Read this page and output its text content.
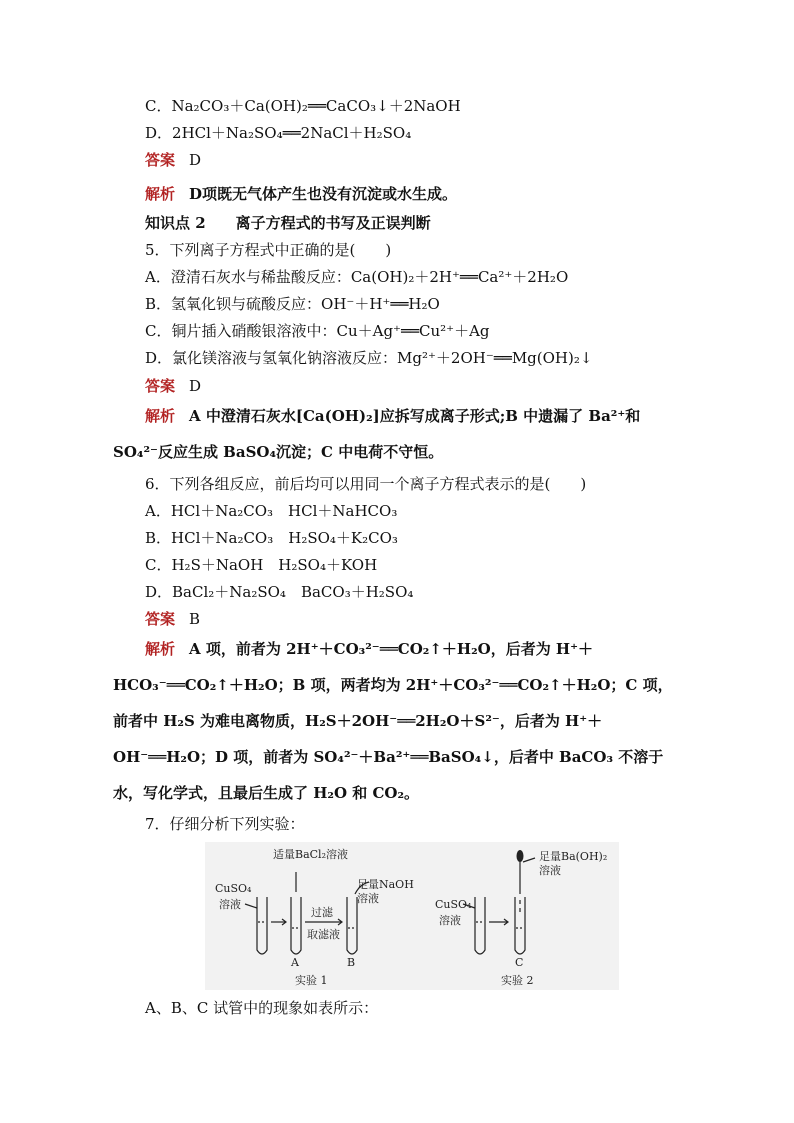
C．Na₂CO₃＋Ca(OH)₂══CaCO₃↓＋2NaOH
D．2HCl＋Na₂SO₄══2NaCl＋H₂SO₄
答案 D
解析 D项既无气体产生也没有沉淀或水生成。
知识点 2　　离子方程式的书写及正误判断
5．下列离子方程式中正确的是(　　)
A．澄清石灰水与稀盐酸反应：Ca(OH)₂＋2H⁺══Ca²⁺＋2H₂O
B．氢氧化钡与硫酸反应：OH⁻＋H⁺══H₂O
C．铜片插入硝酸银溶液中：Cu＋Ag⁺══Cu²⁺＋Ag
D．氯化镁溶液与氢氧化钠溶液反应：Mg²⁺＋2OH⁻══Mg(OH)₂↓
答案 D
解析 A 中澄清石灰水[Ca(OH)₂]应拆写成离子形式;B 中遗漏了 Ba²⁺和 SO₄²⁻反应生成 BaSO₄沉淀；C 中电荷不守恒。
6．下列各组反应，前后均可以用同一个离子方程式表示的是(　　)
A．HCl＋Na₂CO₃　HCl＋NaHCO₃
B．HCl＋Na₂CO₃　H₂SO₄＋K₂CO₃
C．H₂S＋NaOH　H₂SO₄＋KOH
D．BaCl₂＋Na₂SO₄　BaCO₃＋H₂SO₄
答案 B
解析 A 项，前者为 2H⁺＋CO₃²⁻══CO₂↑＋H₂O，后者为 H⁺＋HCO₃⁻══CO₂↑＋H₂O；B 项，两者均为 2H⁺＋CO₃²⁻══CO₂↑＋H₂O；C 项，前者中 H₂S 为难电离物质，H₂S＋2OH⁻══2H₂O＋S²⁻，后者为 H⁺＋OH⁻══H₂O；D 项，前者为 SO₄²⁻＋Ba²⁺══BaSO₄↓，后者中 BaCO₃ 不溶于水，写化学式，且最后生成了 H₂O 和 CO₂。
7．仔细分析下列实验：
适量BaCl₂溶液
CuSO₄
溶液
过滤
取滤液
足量NaOH
溶液
A	B
实验 1
足量Ba(OH)₂
溶液
CuSO₄
溶液
C
实验 2
A、B、C 试管中的现象如表所示：
